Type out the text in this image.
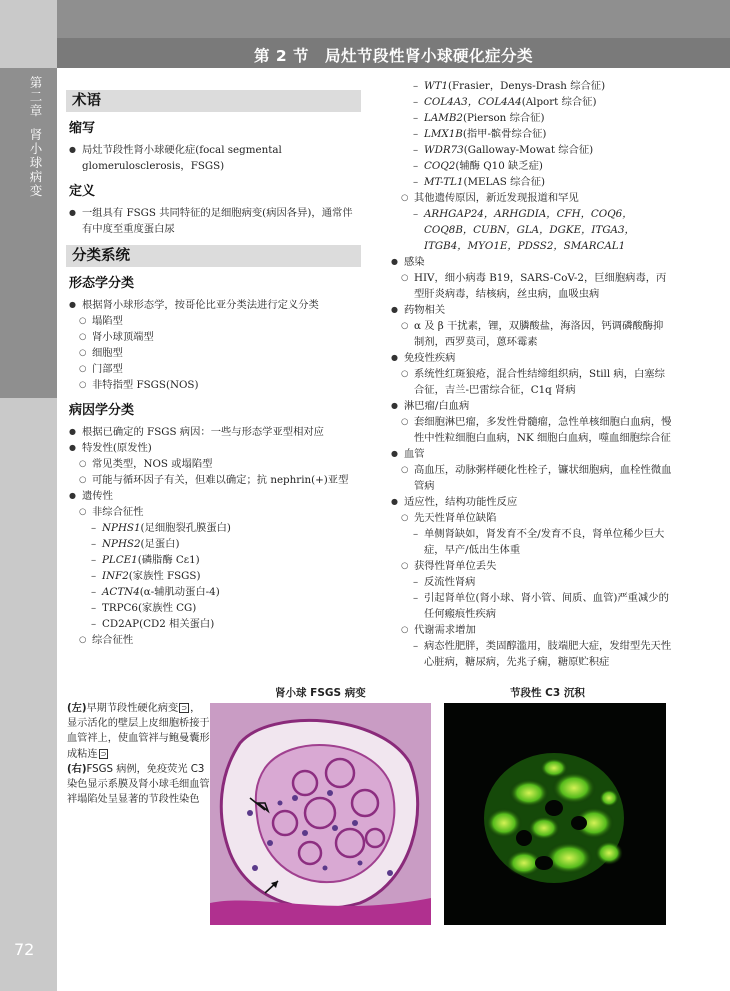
第 2 节　局灶节段性肾小球硬化症分类
第
二
章
肾
小
球
病
变
72
术语
缩写
● 局灶节段性肾小球硬化症(focal segmental glomerulosclerosis，FSGS)
定义
● 一组具有 FSGS 共同特征的足细胞病变(病因各异)，通常伴有中度至重度蛋白尿
分类系统
形态学分类
● 根据肾小球形态学，按哥伦比亚分类法进行定义分类
○ 塌陷型
○ 肾小球顶端型
○ 细胞型
○ 门部型
○ 非特指型 FSGS(NOS)
病因学分类
● 根据已确定的 FSGS 病因：一些与形态学亚型相对应
● 特发性(原发性)
○ 常见类型，NOS 或塌陷型
○ 可能与循环因子有关，但难以确定；抗 nephrin(+)亚型
● 遗传性
○ 非综合征性
– NPHS1(足细胞裂孔膜蛋白)
– NPHS2(足蛋白)
– PLCE1(磷脂酶 Cε1)
– INF2(家族性 FSGS)
– ACTN4(α-辅肌动蛋白-4)
– TRPC6(家族性 CG)
– CD2AP(CD2 相关蛋白)
○ 综合征性
– WT1(Frasier，Denys-Drash 综合征)
– COL4A3，COL4A4(Alport 综合征)
– LAMB2(Pierson 综合征)
– LMX1B(指甲-髌骨综合征)
– WDR73(Galloway-Mowat 综合征)
– COQ2(辅酶 Q10 缺乏症)
– MT-TL1(MELAS 综合征)
○ 其他遗传原因，新近发现报道和罕见
– ARHGAP24，ARHGDIA，CFH，COQ6，COQ8B，CUBN，GLA，DGKE，ITGA3，ITGB4，MYO1E，PDSS2，SMARCAL1
● 感染
○ HIV，细小病毒 B19，SARS-CoV-2，巨细胞病毒，丙型肝炎病毒，结核病，丝虫病，血吸虫病
● 药物相关
○ α 及 β 干扰素，锂，双膦酸盐，海洛因，钙调磷酸酶抑制剂，西罗莫司，蒽环霉素
● 免疫性疾病
○ 系统性红斑狼疮，混合性结缔组织病，Still 病，白塞综合征，吉兰-巴雷综合征，C1q 肾病
● 淋巴瘤/白血病
○ 套细胞淋巴瘤，多发性骨髓瘤，急性单核细胞白血病，慢性中性粒细胞白血病，NK 细胞白血病，噬血细胞综合征
● 血管
○ 高血压，动脉粥样硬化性栓子，镰状细胞病，血栓性微血管病
● 适应性，结构功能性反应
○ 先天性肾单位缺陷
– 单侧肾缺如，肾发育不全/发育不良，肾单位稀少巨大症，早产/低出生体重
○ 获得性肾单位丢失
– 反流性肾病
– 引起肾单位(肾小球、肾小管、间质、血管)严重减少的任何瘢痕性疾病
○ 代谢需求增加
– 病态性肥胖，类固醇滥用，肢端肥大症，发绀型先天性心脏病，糖尿病，先兆子痫，糖原贮积症
(左)早期节段性硬化病变 ⊃ ，显示活化的壁层上皮细胞桥接于血管袢上，使血管袢与鲍曼囊形成粘连 ⊃
(右)FSGS 病例，免疫荧光 C3 染色显示系膜及肾小球毛细血管袢塌陷处呈显著的节段性染色
肾小球 FSGS 病变	节段性 C3 沉积
